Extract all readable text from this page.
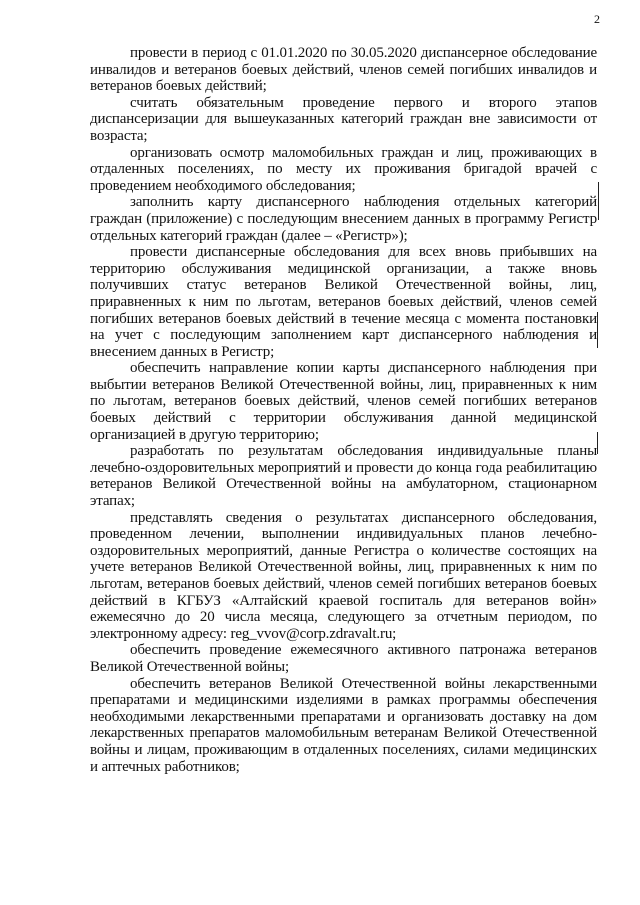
2

провести в период с 01.01.2020 по 30.05.2020 диспансерное обследование инвалидов и ветеранов боевых действий, членов семей погибших инвалидов и ветеранов боевых действий;

считать обязательным проведение первого и второго этапов диспансеризации для вышеуказанных категорий граждан вне зависимости от возраста;

организовать осмотр маломобильных граждан и лиц, проживающих в отдаленных поселениях, по месту их проживания бригадой врачей с проведением необходимого обследования;

заполнить карту диспансерного наблюдения отдельных категорий граждан (приложение) с последующим внесением данных в программу Регистр отдельных категорий граждан (далее – «Регистр»);

провести диспансерные обследования для всех вновь прибывших на территорию обслуживания медицинской организации, а также вновь получивших статус ветеранов Великой Отечественной войны, лиц, приравненных к ним по льготам, ветеранов боевых действий, членов семей погибших ветеранов боевых действий в течение месяца с момента постановки на учет с последующим заполнением карт диспансерного наблюдения и внесением данных в Регистр;

обеспечить направление копии карты диспансерного наблюдения при выбытии ветеранов Великой Отечественной войны, лиц, приравненных к ним по льготам, ветеранов боевых действий, членов семей погибших ветеранов боевых действий с территории обслуживания данной медицинской организацией в другую территорию;

разработать по результатам обследования индивидуальные планы лечебно-оздоровительных мероприятий и провести до конца года реабилитацию ветеранов Великой Отечественной войны на амбулаторном, стационарном этапах;

представлять сведения о результатах диспансерного обследования, проведенном лечении, выполнении индивидуальных планов лечебно-оздоровительных мероприятий, данные Регистра о количестве состоящих на учете ветеранов Великой Отечественной войны, лиц, приравненных к ним по льготам, ветеранов боевых действий, членов семей погибших ветеранов боевых действий в КГБУЗ «Алтайский краевой госпиталь для ветеранов войн» ежемесячно до 20 числа месяца, следующего за отчетным периодом, по электронному адресу: reg_vvov@corp.zdravalt.ru;

обеспечить проведение ежемесячного активного патронажа ветеранов Великой Отечественной войны;

обеспечить ветеранов Великой Отечественной войны лекарственными препаратами и медицинскими изделиями в рамках программы обеспечения необходимыми лекарственными препаратами и организовать доставку на дом лекарственных препаратов маломобильным ветеранам Великой Отечественной войны и лицам, проживающим в отдаленных поселениях, силами медицинских и аптечных работников;
